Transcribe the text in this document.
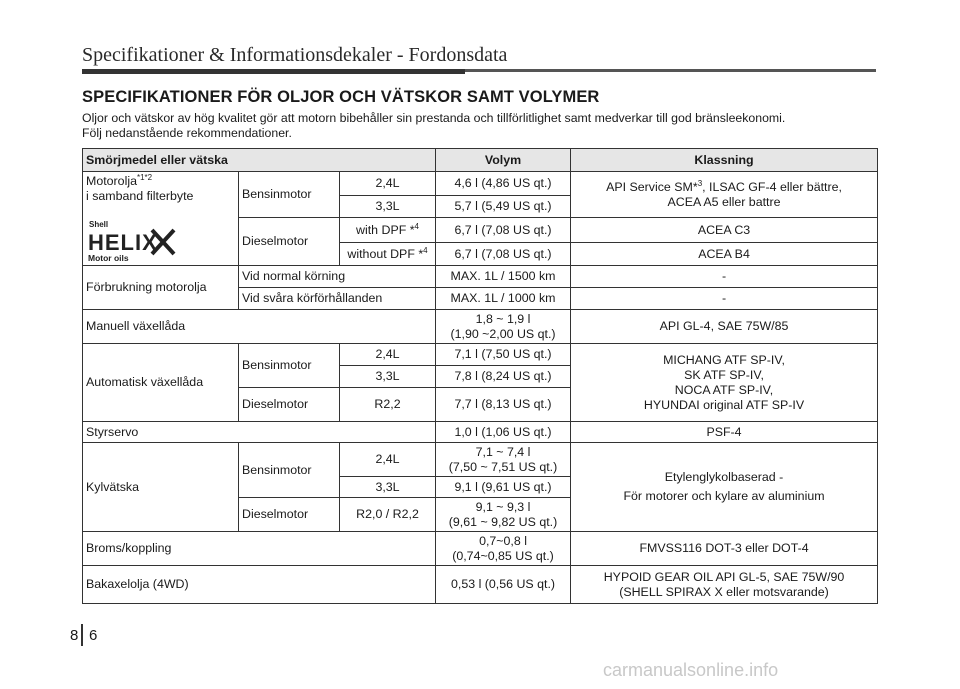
Specifikationer & Informationsdekaler - Fordonsdata
SPECIFIKATIONER FÖR OLJOR OCH VÄTSKOR SAMT VOLYMER
Oljor och vätskor av hög kvalitet gör att motorn bibehåller sin prestanda och tillförlitlighet samt medverkar till god bränsleekonomi.
Följ nedanstående rekommendationer.
Smörjmedel eller vätska			Volym	Klassning
Motorolja$^{*1*2}$
i samband filterbyte
Shell
HELIX
Motor oils	Bensinmotor	2,4L	4,6 l (4,86 US qt.)	API Service SM*$^3$, ILSAC GF-4 eller bättre,
ACEA A5 eller battre

		3,3L	5,7 l (5,49 US qt.)	
	Dieselmotor	with DPF *$^4$	6,7 l (7,08 US qt.)	ACEA C3
		without DPF *$^4$	6,7 l (7,08 US qt.)	ACEA B4
Förbrukning motorolja	Vid normal körning		MAX. 1L / 1500 km	-
	Vid svåra körförhållanden		MAX. 1L / 1000 km	-
Manuell växellåda			1,8 ~ 1,9 l
(1,90 ~2,00 US qt.)	API GL-4, SAE 75W/85
Automatisk växellåda	Bensinmotor	2,4L	7,1 l (7,50 US qt.)	MICHANG ATF SP-IV,
SK ATF SP-IV,
NOCA ATF SP-IV,
HYUNDAI original ATF SP-IV

		3,3L	7,8 l (8,24 US qt.)	
	Dieselmotor	R2,2	7,7 l (8,13 US qt.)	
Styrservo			1,0 l (1,06 US qt.)	PSF-4
Kylvätska	Bensinmotor	2,4L	7,1 ~ 7,4 l
(7,50 ~ 7,51 US qt.)	Etylenglykolbaserad -
För motorer och kylare av aluminium

		3,3L	9,1 l (9,61 US qt.)	
	Dieselmotor	R2,0 / R2,2	9,1 ~ 9,3 l
(9,61 ~ 9,82 US qt.)	

Broms/koppling			0,7~0,8 l
(0,74~0,85 US qt.)	FMVSS116 DOT-3 eller DOT-4
Bakaxelolja (4WD)			0,53 l (0,56 US qt.)	HYPOID GEAR OIL API GL-5, SAE 75W/90
(SHELL SPIRAX X eller motsvarande)
8 6
carmanualsonline.info
